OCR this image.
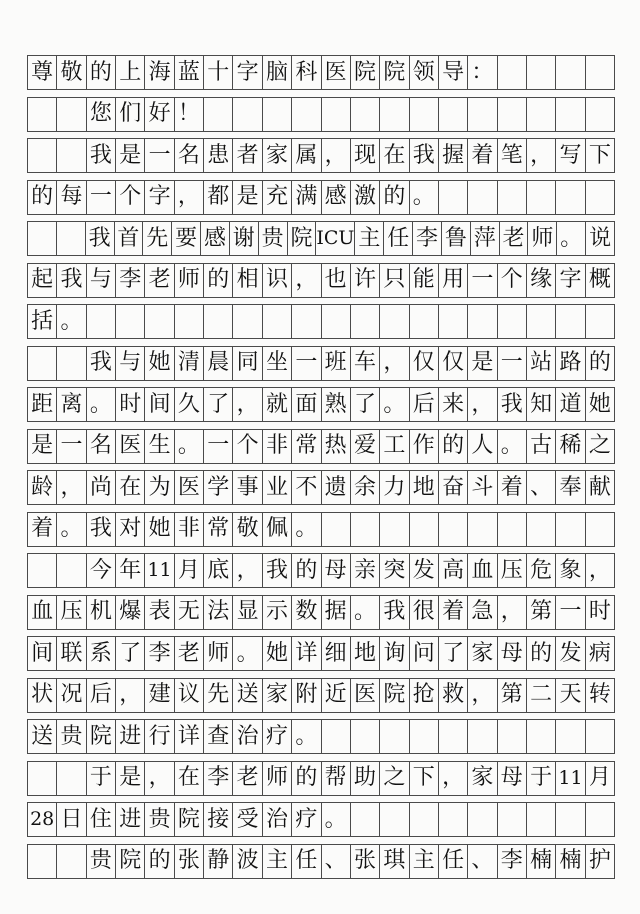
尊 敬 的 上 海 蓝 十 字 脑 科 医 院 院 领 导 ：
您 们 好 ！
我 是 一 名 患 者 家 属 ， 现 在 我 握 着 笔 ， 写 下
的 每 一 个 字 ， 都 是 充 满 感 激 的 。
我 首 先 要 感 谢 贵 院 ICU 主 任 李 鲁 萍 老 师 。 说
起 我 与 李 老 师 的 相 识 ， 也 许 只 能 用 一 个 缘 字 概
括 。
我 与 她 清 晨 同 坐 一 班 车 ， 仅 仅 是 一 站 路 的
距 离 。 时 间 久 了 ， 就 面 熟 了 。 后 来 ， 我 知 道 她
是 一 名 医 生 。 一 个 非 常 热 爱 工 作 的 人 。 古 稀 之
龄 ， 尚 在 为 医 学 事 业 不 遗 余 力 地 奋 斗 着 、 奉 献
着 。 我 对 她 非 常 敬 佩 。
今 年 11 月 底 ， 我 的 母 亲 突 发 高 血 压 危 象 ，
血 压 机 爆 表 无 法 显 示 数 据 。 我 很 着 急 ， 第 一 时
间 联 系 了 李 老 师 。 她 详 细 地 询 问 了 家 母 的 发 病
状 况 后 ， 建 议 先 送 家 附 近 医 院 抢 救 ， 第 二 天 转
送 贵 院 进 行 详 查 治 疗 。
于 是 ， 在 李 老 师 的 帮 助 之 下 ， 家 母 于 11 月
28 日 住 进 贵 院 接 受 治 疗 。
贵 院 的 张 静 波 主 任 、 张 琪 主 任 、 李 楠 楠 护
